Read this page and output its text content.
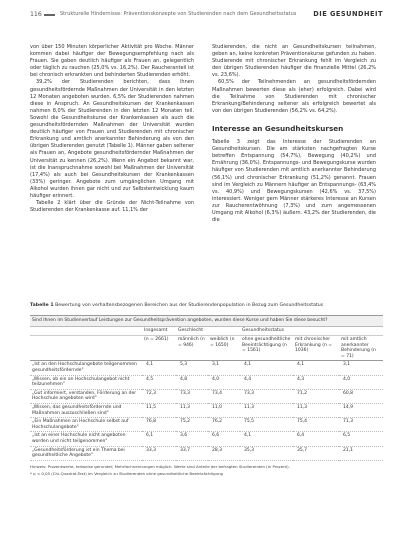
116	Strukturelle Hindernisse: Präventionskonzepte von Studierenden nach dem Gesundheitsstatus	DIE GESUNDHEIT

von über 150 Minuten körperlicher Aktivität pro Woche. Männer kommen dabei häufiger der Bewegungsempfehlung nach als Frauen. Sie gaben deutlich häufiger als Frauen an, gelegentlich oder täglich zu rauchen (25,0% vs. 16,2%). Der Raucheranteil ist bei chronisch erkrankten und behinderten Studierenden erhöht.

39,2% der Studierenden berichten, dass ihnen gesundheitsfördernde Maßnahmen der Universität in den letzten 12 Monaten angeboten wurden. 6,5% der Studierenden nahmen diese in Anspruch. An Gesundheitskursen der Krankenkassen nahmen 8,0% der Studierenden in den letzten 12 Monaten teil. Sowohl die Gesundheitskurse der Krankenkassen als auch die gesundheitsfördernden Maßnahmen der Universität wurden deutlich häufiger von Frauen und Studierenden mit chronischer Erkrankung und amtlich anerkannter Behinderung als von den übrigen Studierenden genutzt (Tabelle 1). Männer gaben seltener als Frauen an, Angebote gesundheitsfördernder Maßnahmen der Universität zu kennen (26,2%). Wenn ein Angebot bekannt war, ist die Inanspruchnahme sowohl bei Maßnahmen der Universität (17,4%) als auch bei Gesundheitskursen der Krankenkassen (33%) geringer. Angebote zum umgänglichen Umgang mit Alkohol wurden ihnen gar nicht und zur Selbstentwicklung kaum häufiger erinnert.

Tabelle 2 klärt über die Gründe der Nicht-Teilnahme von Studierenden der Krankenkasse auf. 11,1% der

Studierenden, die nicht an Gesundheitskursen teilnahmen, geben an, keine konkreten Präventionskurse gefunden zu haben. Studierende mit chronischer Erkrankung fehlt im Vergleich zu den übrigen Studierenden häufiger die finanzielle Mittel (26,2% vs. 23,6%).

60,5% der Teilnehmenden an gesundheitsfördernden Maßnahmen bewerten diese als (eher) erfolgreich. Dabei wird die Teilnahme von Studierenden mit chronischer Erkrankung/Behinderung seltener als erfolgreich bewertet als von den übrigen Studierenden (56,2% vs. 64,2%).

Interesse an Gesundheitskursen

Tabelle 3 zeigt das Interesse der Studierenden an Gesundheitskursen. Die am stärksten nachgefragten Kurse betreffen Entspannung (54,7%), Bewegung (40,2%) und Ernährung (36,0%). Entspannungs- und Bewegungskurse wurden häufiger von Studierenden mit amtlich anerkannter Behinderung (56,1%) und chronischer Erkrankung (51,2%) genannt. Frauen sind im Vergleich zu Männern häufiger an Entspannungs- (63,4% vs. 40,9%) und Bewegungskursen (42,6% vs. 37,5%) interessiert. Weniger gern Männer stärkeres Interesse an Kursen zur Raucherentwöhnung (7,3%) und zum angemessenen Umgang mit Alkohol (6,3%) äußern. 43,2% der Studierenden, die die

Tabelle 1 Bewertung von verhaltensbezogenen Bereichen aus der Studierendenpopulation in Bezug zum Gesundheitsstatus
Sind Ihnen im Studienverlauf Leistungen zur Gesundheitsprävention angeboten, wurden diese Kurse und haben Sie diese besucht?						
	Insgesamt	Geschlecht		Gesundheitsstatus		
	(n = 2661)	männlich (n = 946)	weiblich (n = 1650)	ohne gesundheitliche Beeinträchtigung (n = 1561)	mit chronischer Erkrankung (n = 1036)	mit amtlich anerkannter Behinderung (n = 71)
„Ist an den Hochschulangebote teilgenommen gesundheitsfördernde"	4,1	5,3	3,1	4,1	4,1	3,1
„Wissen, ob ein an Hochschulangebot nicht teilzunehmen"	4,5	4,8	4,0	4,4	4,3	4,0
„Gut informiert, verstanden, Förderung an der Hochschule angeboten wird"	72,3	73,3	73,4	73,3	71,2	60,8
„Wissen, das gesundheitsfördernde und Maßnahmen auszuschließen sind"	11,5	11,3	11,0	11,3	11,3	14,9
„Ein Maßnahmen an Hochschule selbst auf Hochschulangebote"	76,8	75,2	76,2	75,5	75,4	71,3
„Ist an einer Hochschule nicht angeboten worden und nicht teilgenommen"	6,1	3,6	6,6	4,1	6,4	6,5
„Gesundheitsförderung ist ein Thema bei gesundheitliche Angebote"	33,3	33,7	28,3	35,3	35,7	21,1
Hinweis: Prozentwerte, teilweise gerundet; Mehrfachnennungen möglich. Werte sind Anteile der befragten Studierenden (in Prozent).
* p < 0,05 (Chi-Quadrat-Test) im Vergleich zu Studierenden ohne gesundheitliche Beeinträchtigung
